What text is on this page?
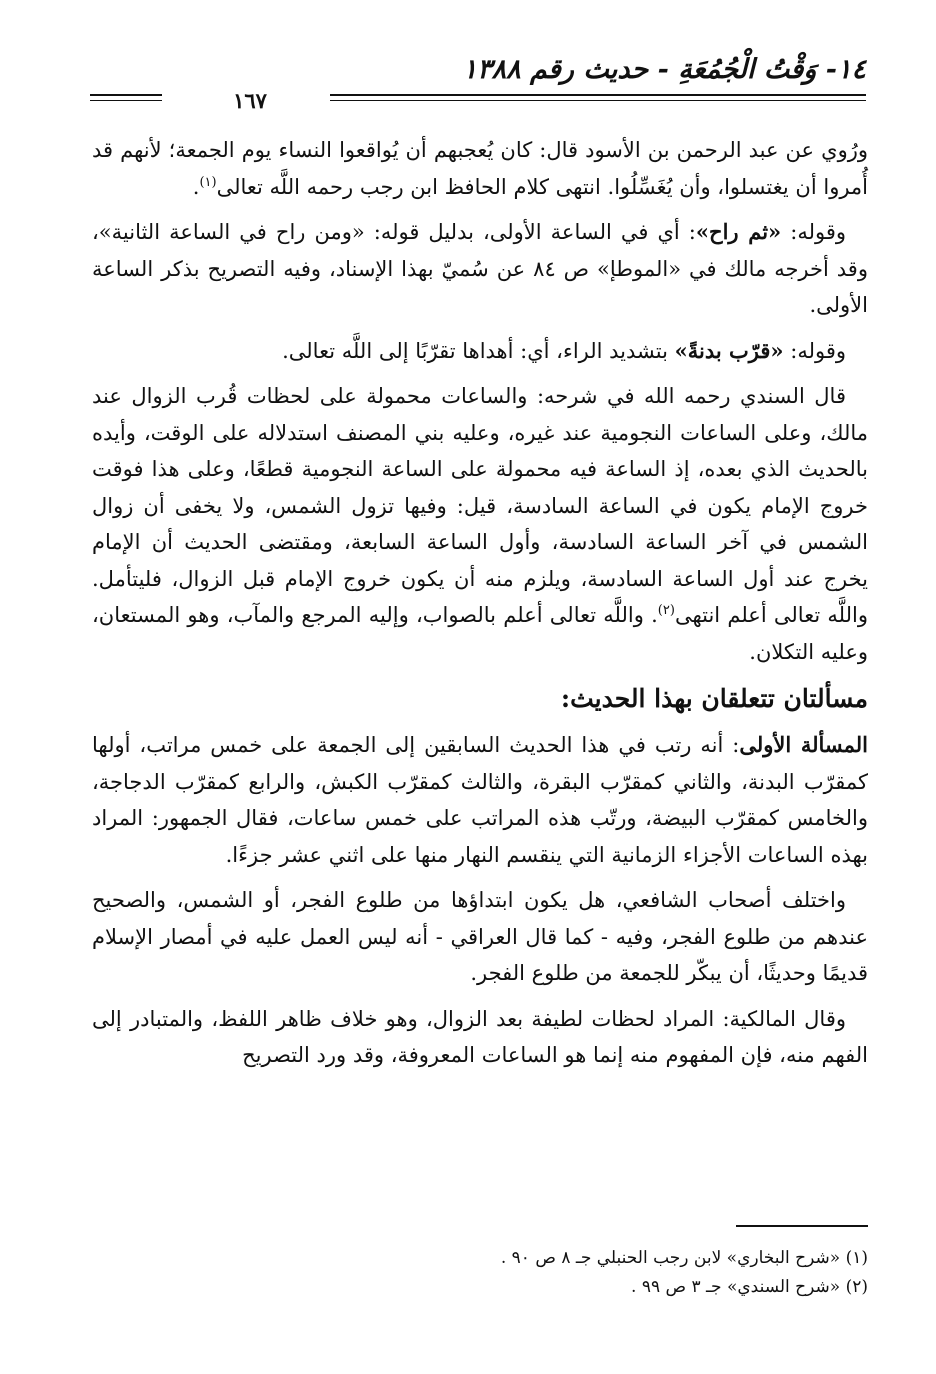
١٤- وَقْتُ الْجُمُعَةِ - حديث رقم ١٣٨٨
١٦٧

ورُوي عن عبد الرحمن بن الأسود قال: كان يُعجبهم أن يُواقعوا النساء يوم الجمعة؛ لأنهم قد أُمروا أن يغتسلوا، وأن يُغَسِّلُوا. انتهى كلام الحافظ ابن رجب رحمه اللَّه تعالى$^{(١)}$.

وقوله: «ثم راح»: أي في الساعة الأولى، بدليل قوله: «ومن راح في الساعة الثانية»، وقد أخرجه مالك في «الموطإ» ص ٨٤ عن سُميّ بهذا الإسناد، وفيه التصريح بذكر الساعة الأولى.

وقوله: «قرّب بدنةً» بتشديد الراء، أي: أهداها تقرّبًا إلى اللَّه تعالى.

قال السندي رحمه الله في شرحه: والساعات محمولة على لحظات قُرب الزوال عند مالك، وعلى الساعات النجومية عند غيره، وعليه بني المصنف استدلاله على الوقت، وأيده بالحديث الذي بعده، إذ الساعة فيه محمولة على الساعة النجومية قطعًا، وعلى هذا فوقت خروج الإمام يكون في الساعة السادسة، قيل: وفيها تزول الشمس، ولا يخفى أن زوال الشمس في آخر الساعة السادسة، وأول الساعة السابعة، ومقتضى الحديث أن الإمام يخرج عند أول الساعة السادسة، ويلزم منه أن يكون خروج الإمام قبل الزوال، فليتأمل. واللَّه تعالى أعلم انتهى$^{(٢)}$. واللَّه تعالى أعلم بالصواب، وإليه المرجع والمآب، وهو المستعان، وعليه التكلان.

مسألتان تتعلقان بهذا الحديث:

المسألة الأولى: أنه رتب في هذا الحديث السابقين إلى الجمعة على خمس مراتب، أولها كمقرّب البدنة، والثاني كمقرّب البقرة، والثالث كمقرّب الكبش، والرابع كمقرّب الدجاجة، والخامس كمقرّب البيضة، ورتّب هذه المراتب على خمس ساعات، فقال الجمهور: المراد بهذه الساعات الأجزاء الزمانية التي ينقسم النهار منها على اثني عشر جزءًا.

واختلف أصحاب الشافعي، هل يكون ابتداؤها من طلوع الفجر، أو الشمس، والصحيح عندهم من طلوع الفجر، وفيه - كما قال العراقي - أنه ليس العمل عليه في أمصار الإسلام قديمًا وحديثًا، أن يبكّر للجمعة من طلوع الفجر.

وقال المالكية: المراد لحظات لطيفة بعد الزوال، وهو خلاف ظاهر اللفظ، والمتبادر إلى الفهم منه، فإن المفهوم منه إنما هو الساعات المعروفة، وقد ورد التصريح

(١) «شرح البخاري» لابن رجب الحنبلي جـ ٨ ص ٩٠ .
(٢) «شرح السندي» جـ ٣ ص ٩٩ .
